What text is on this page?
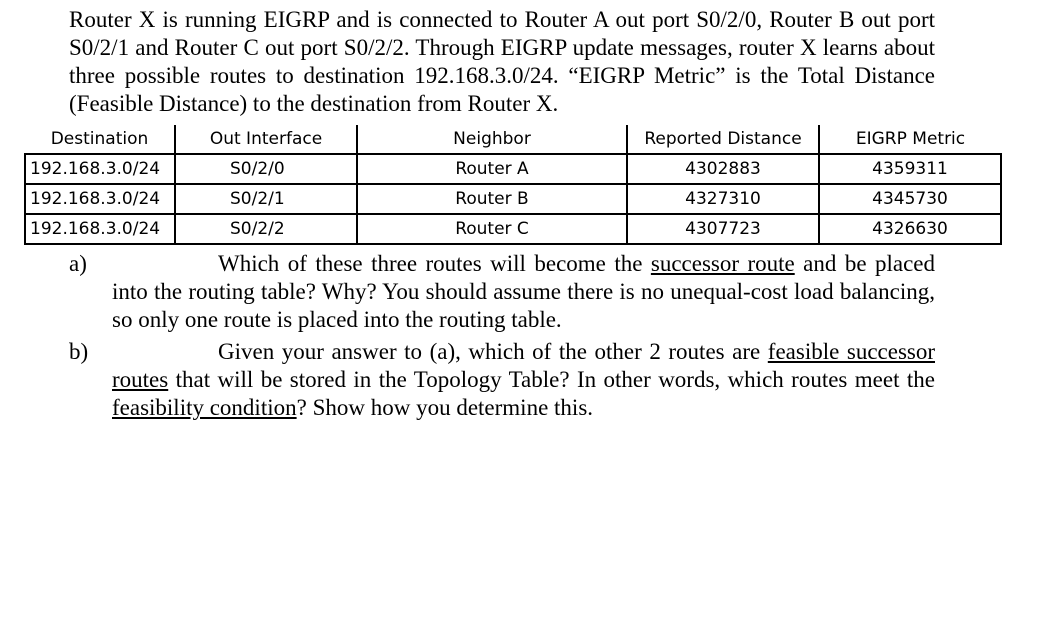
Router X is running EIGRP and is connected to Router A out port S0/2/0, Router B out port S0/2/1 and Router C out port S0/2/2. Through EIGRP update messages, router X learns about three possible routes to destination 192.168.3.0/24. “EIGRP Metric” is the Total Distance (Feasible Distance) to the destination from Router X.
Destination	Out Interface	Neighbor	Reported Distance	EIGRP Metric
192.168.3.0/24	S0/2/0	Router A	4302883	4359311
192.168.3.0/24	S0/2/1	Router B	4327310	4345730
192.168.3.0/24	S0/2/2	Router C	4307723	4326630
a)	Which of these three routes will become the successor route and be placed into the routing table? Why? You should assume there is no unequal-cost load balancing, so only one route is placed into the routing table.
b)	Given your answer to (a), which of the other 2 routes are feasible successor routes that will be stored in the Topology Table? In other words, which routes meet the feasibility condition? Show how you determine this.
